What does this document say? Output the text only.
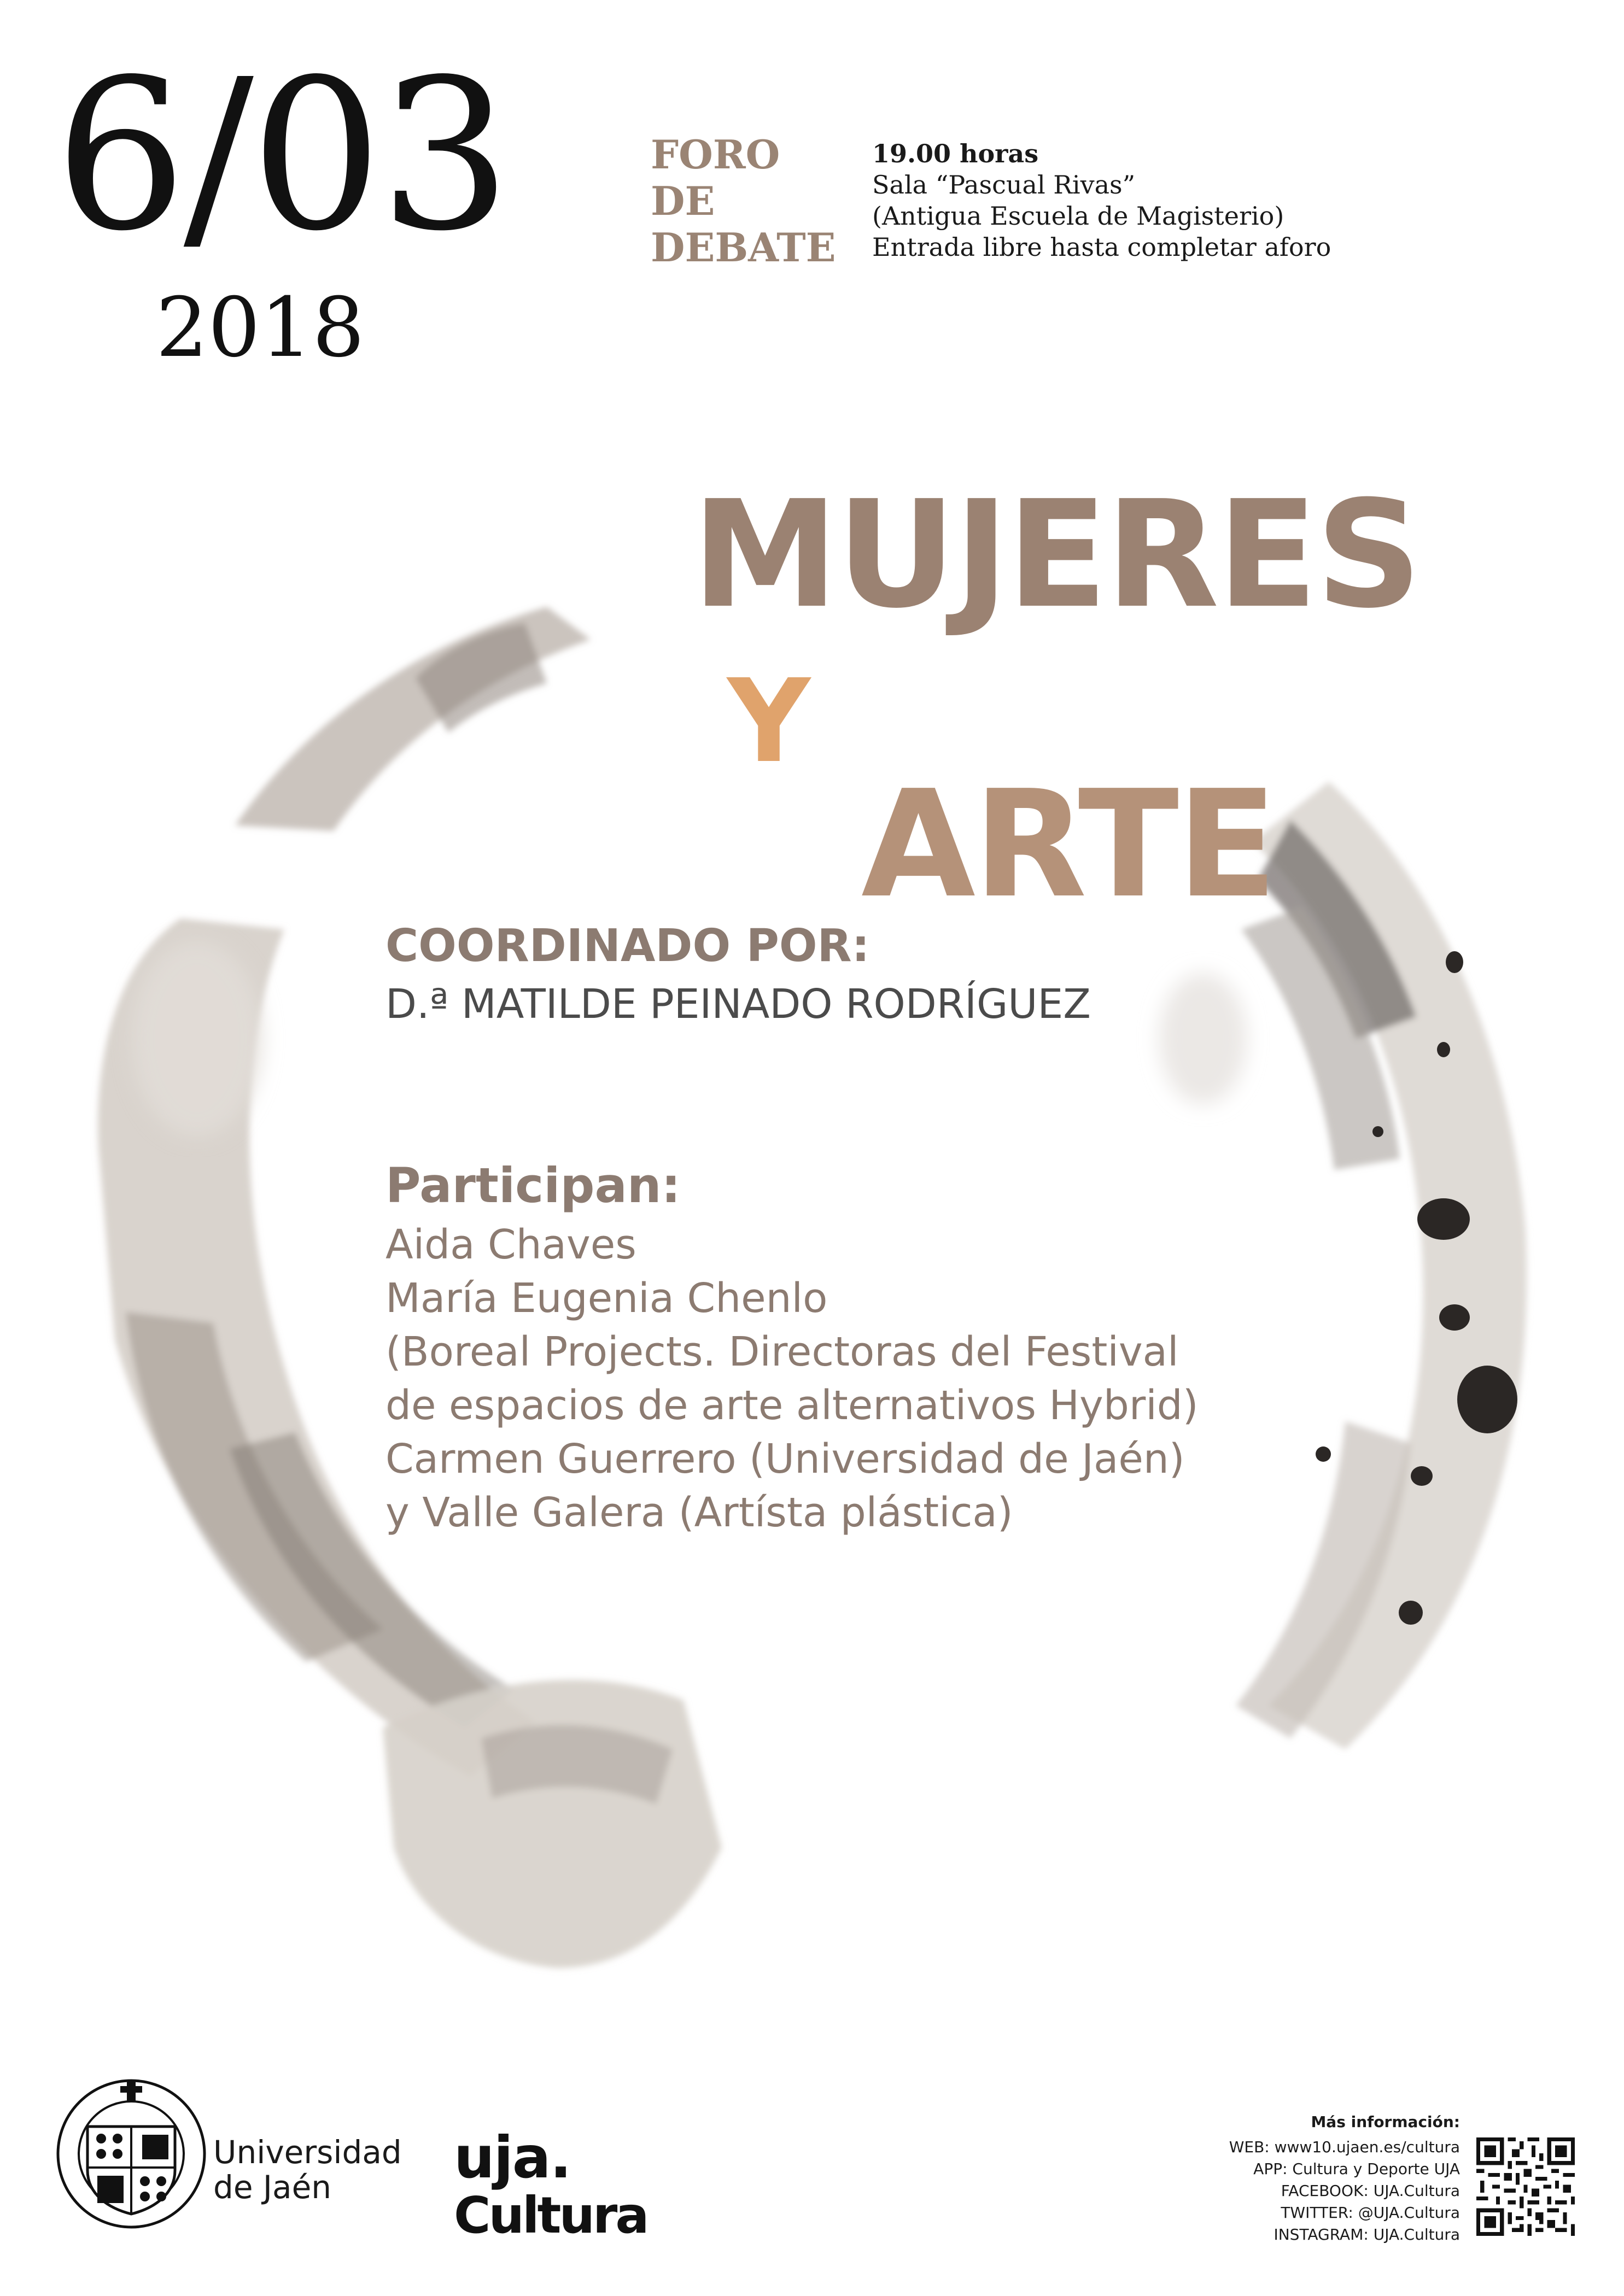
6/03
2018
FORO
DE
DEBATE
19.00 horas
Sala “Pascual Rivas”
(Antigua Escuela de Magisterio)
Entrada libre hasta completar aforo
MUJERES
Y
ARTE
COORDINADO POR:
D.ª MATILDE PEINADO RODRÍGUEZ
Participan:
Aida Chaves
María Eugenia Chenlo
(Boreal Projects. Directoras del Festival
de espacios de arte alternativos Hybrid)
Carmen Guerrero (Universidad de Jaén)
y Valle Galera (Artísta plástica)
Universidad
de Jaén	uja.
Cultura
Más información:
WEB: www10.ujaen.es/cultura
APP: Cultura y Deporte UJA
FACEBOOK: UJA.Cultura
TWITTER: @UJA.Cultura
INSTAGRAM: UJA.Cultura
